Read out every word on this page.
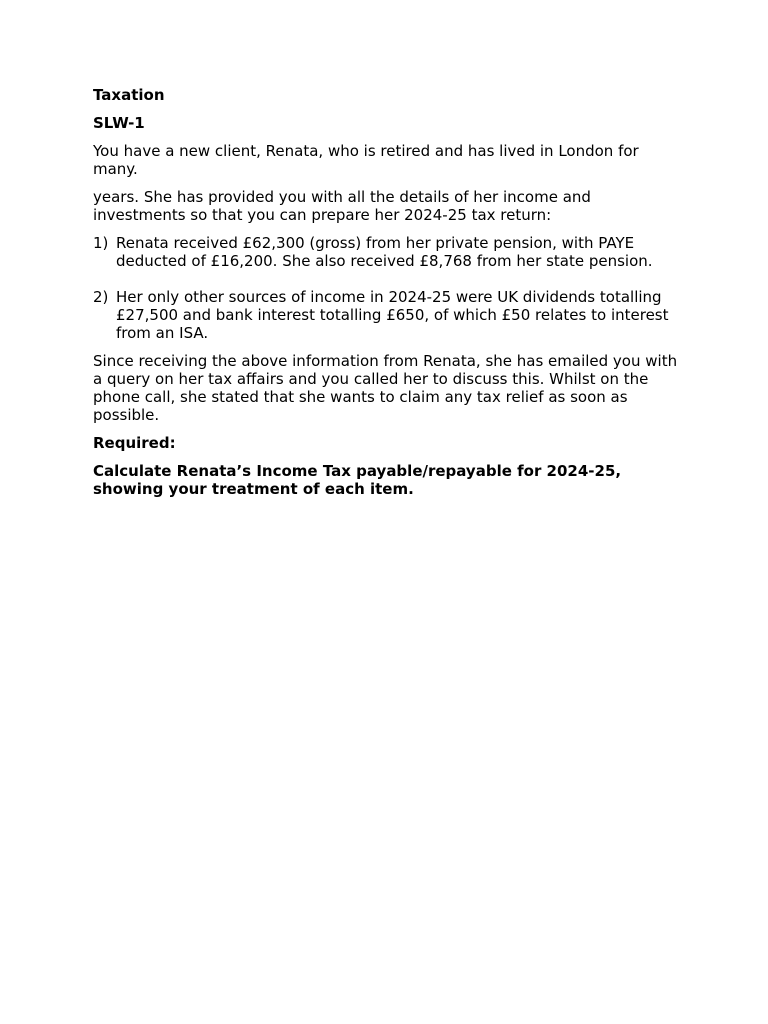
Taxation

SLW-1

You have a new client, Renata, who is retired and has lived in London for many.

years. She has provided you with all the details of her income and investments so that you can prepare her 2024-25 tax return:

1) Renata received £62,300 (gross) from her private pension, with PAYE deducted of £16,200. She also received £8,768 from her state pension.
2) Her only other sources of income in 2024-25 were UK dividends totalling £27,500 and bank interest totalling £650, of which £50 relates to interest from an ISA.

Since receiving the above information from Renata, she has emailed you with a query on her tax affairs and you called her to discuss this. Whilst on the phone call, she stated that she wants to claim any tax relief as soon as possible.

Required:

Calculate Renata’s Income Tax payable/repayable for 2024-25, showing your treatment of each item.
